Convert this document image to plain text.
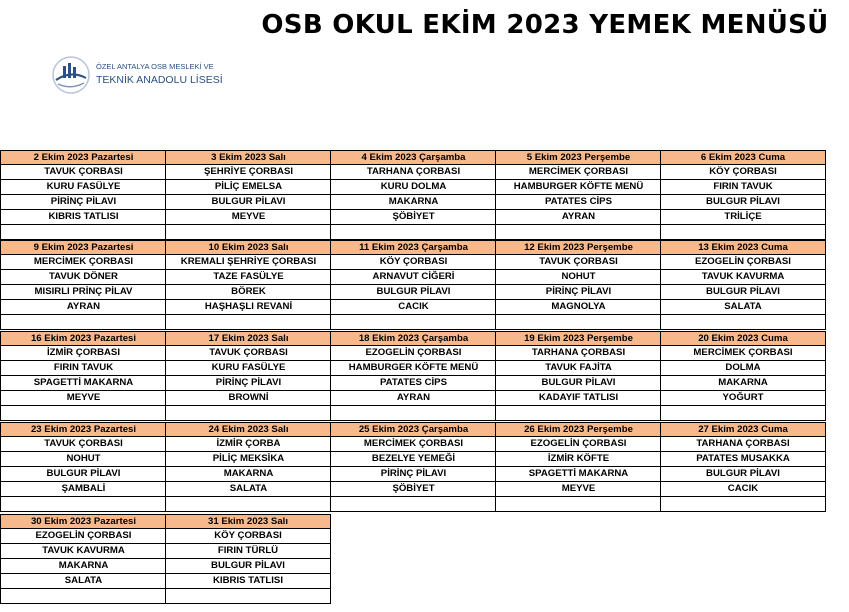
OSB OKUL EKİM 2023 YEMEK MENÜSÜ
ÖZEL ANTALYA OSB MESLEKİ VE
TEKNİK ANADOLU LİSESİ
2 Ekim 2023 Pazartesi
TAVUK ÇORBASI
KURU FASÜLYE
PİRİNÇ PİLAVI
KIBRIS TATLISI
3 Ekim 2023 Salı
ŞEHRİYE ÇORBASI
PİLİÇ EMELSA
BULGUR PİLAVI
MEYVE
4 Ekim 2023 Çarşamba
TARHANA ÇORBASI
KURU DOLMA
MAKARNA
ŞÖBİYET
5 Ekim 2023 Perşembe
MERCİMEK ÇORBASI
HAMBURGER KÖFTE MENÜ
PATATES CİPS
AYRAN
6 Ekim 2023 Cuma
KÖY ÇORBASI
FIRIN TAVUK
BULGUR PİLAVI
TRİLİÇE
9 Ekim 2023 Pazartesi
MERCİMEK ÇORBASI
TAVUK DÖNER
MISIRLI PRİNÇ PİLAV
AYRAN
10 Ekim 2023 Salı
KREMALI ŞEHRİYE ÇORBASI
TAZE FASÜLYE
BÖREK
HAŞHAŞLI REVANİ
11 Ekim 2023 Çarşamba
KÖY ÇORBASI
ARNAVUT CİĞERİ
BULGUR PİLAVI
CACIK
12 Ekim 2023 Perşembe
TAVUK ÇORBASI
NOHUT
PİRİNÇ PİLAVI
MAGNOLYA
13 Ekim 2023 Cuma
EZOGELİN ÇORBASI
TAVUK KAVURMA
BULGUR PİLAVI
SALATA
16 Ekim 2023 Pazartesi
İZMİR ÇORBASI
FIRIN TAVUK
SPAGETTİ MAKARNA
MEYVE
17 Ekim 2023 Salı
TAVUK ÇORBASI
KURU FASÜLYE
PİRİNÇ PİLAVI
BROWNİ
18 Ekim 2023 Çarşamba
EZOGELİN ÇORBASI
HAMBURGER KÖFTE MENÜ
PATATES CİPS
AYRAN
19 Ekim 2023 Perşembe
TARHANA ÇORBASI
TAVUK FAJİTA
BULGUR PİLAVI
KADAYIF TATLISI
20 Ekim 2023 Cuma
MERCİMEK ÇORBASI
DOLMA
MAKARNA
YOĞURT
23 Ekim 2023 Pazartesi
TAVUK ÇORBASI
NOHUT
BULGUR PİLAVI
ŞAMBALİ
24 Ekim 2023 Salı
İZMİR ÇORBA
PİLİÇ MEKSİKA
MAKARNA
SALATA
25 Ekim 2023 Çarşamba
MERCİMEK ÇORBASI
BEZELYE YEMEĞİ
PİRİNÇ PİLAVI
ŞÖBİYET
26 Ekim 2023 Perşembe
EZOGELİN ÇORBASI
İZMİR KÖFTE
SPAGETTİ MAKARNA
MEYVE
27 Ekim 2023 Cuma
TARHANA ÇORBASI
PATATES MUSAKKA
BULGUR PİLAVI
CACIK
30 Ekim 2023 Pazartesi
EZOGELİN ÇORBASI
TAVUK KAVURMA
MAKARNA
SALATA
31 Ekim 2023 Salı
KÖY ÇORBASI
FIRIN TÜRLÜ
BULGUR PİLAVI
KIBRIS TATLISI
